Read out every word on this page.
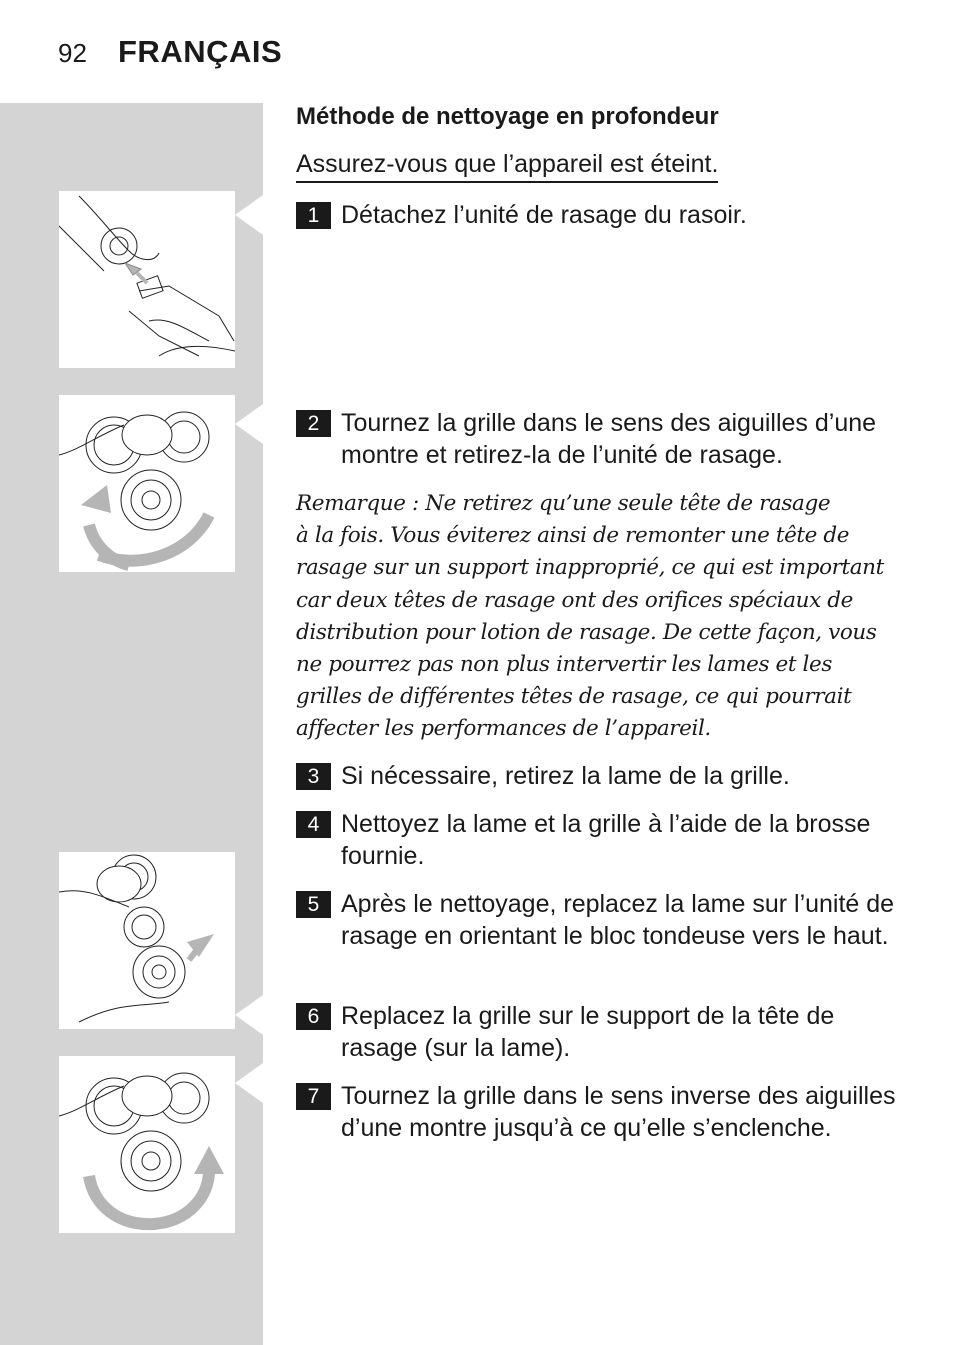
92 FRANÇAIS
Méthode de nettoyage en profondeur
Assurez-vous que l’appareil est éteint.
1 Détachez l’unité de rasage du rasoir.
2 Tournez la grille dans le sens des aiguilles d’une montre et retirez-la de l’unité de rasage.
Remarque : Ne retirez qu’une seule tête de rasage
à la fois. Vous éviterez ainsi de remonter une tête de
rasage sur un support inapproprié, ce qui est important
car deux têtes de rasage ont des orifices spéciaux de
distribution pour lotion de rasage. De cette façon, vous
ne pourrez pas non plus intervertir les lames et les
grilles de différentes têtes de rasage, ce qui pourrait
affecter les performances de l’appareil.
3 Si nécessaire, retirez la lame de la grille.
4 Nettoyez la lame et la grille à l’aide de la brosse fournie.
5 Après le nettoyage, replacez la lame sur l’unité de rasage en orientant le bloc tondeuse vers le haut.
6 Replacez la grille sur le support de la tête de rasage (sur la lame).
7 Tournez la grille dans le sens inverse des aiguilles d’une montre jusqu’à ce qu’elle s’enclenche.
